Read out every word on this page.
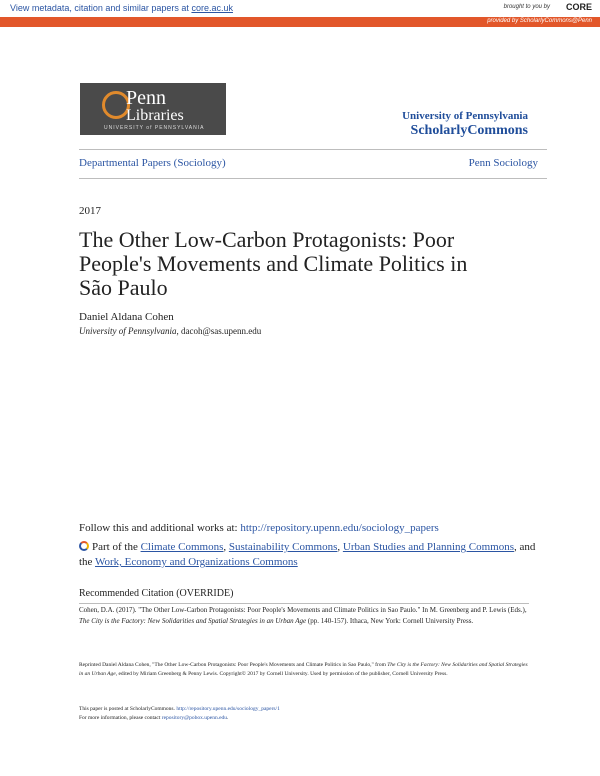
View metadata, citation and similar papers at core.ac.uk	brought to you by CORE
provided by ScholarlyCommons@Penn
Penn
Libraries
UNIVERSITY of PENNSYLVANIA
University of Pennsylvania
ScholarlyCommons
Departmental Papers (Sociology)	Penn Sociology
2017
The Other Low-Carbon Protagonists: Poor People's Movements and Climate Politics in São Paulo
Daniel Aldana Cohen
University of Pennsylvania, dacoh@sas.upenn.edu
Follow this and additional works at: http://repository.upenn.edu/sociology_papers
Part of the Climate Commons, Sustainability Commons, Urban Studies and Planning Commons, and the Work, Economy and Organizations Commons
Recommended Citation (OVERRIDE)
Cohen, D.A. (2017). "The Other Low-Carbon Protagonists: Poor People's Movements and Climate Politics in Sao Paulo." In M. Greenberg and P. Lewis (Eds.), The City is the Factory: New Solidarities and Spatial Strategies in an Urban Age (pp. 140-157). Ithaca, New York: Cornell University Press.
Reprinted Daniel Aldana Cohen, "The Other Low-Carbon Protagonists: Poor People's Movements and Climate Politics in Sao Paulo," from The City is the Factory: New Solidarities and Spatial Strategies in an Urban Age, edited by Miriam Greenberg & Penny Lewis. Copyright© 2017 by Cornell University. Used by permission of the publisher, Cornell University Press.
This paper is posted at ScholarlyCommons. http://repository.upenn.edu/sociology_papers/1
For more information, please contact repository@pobox.upenn.edu.
